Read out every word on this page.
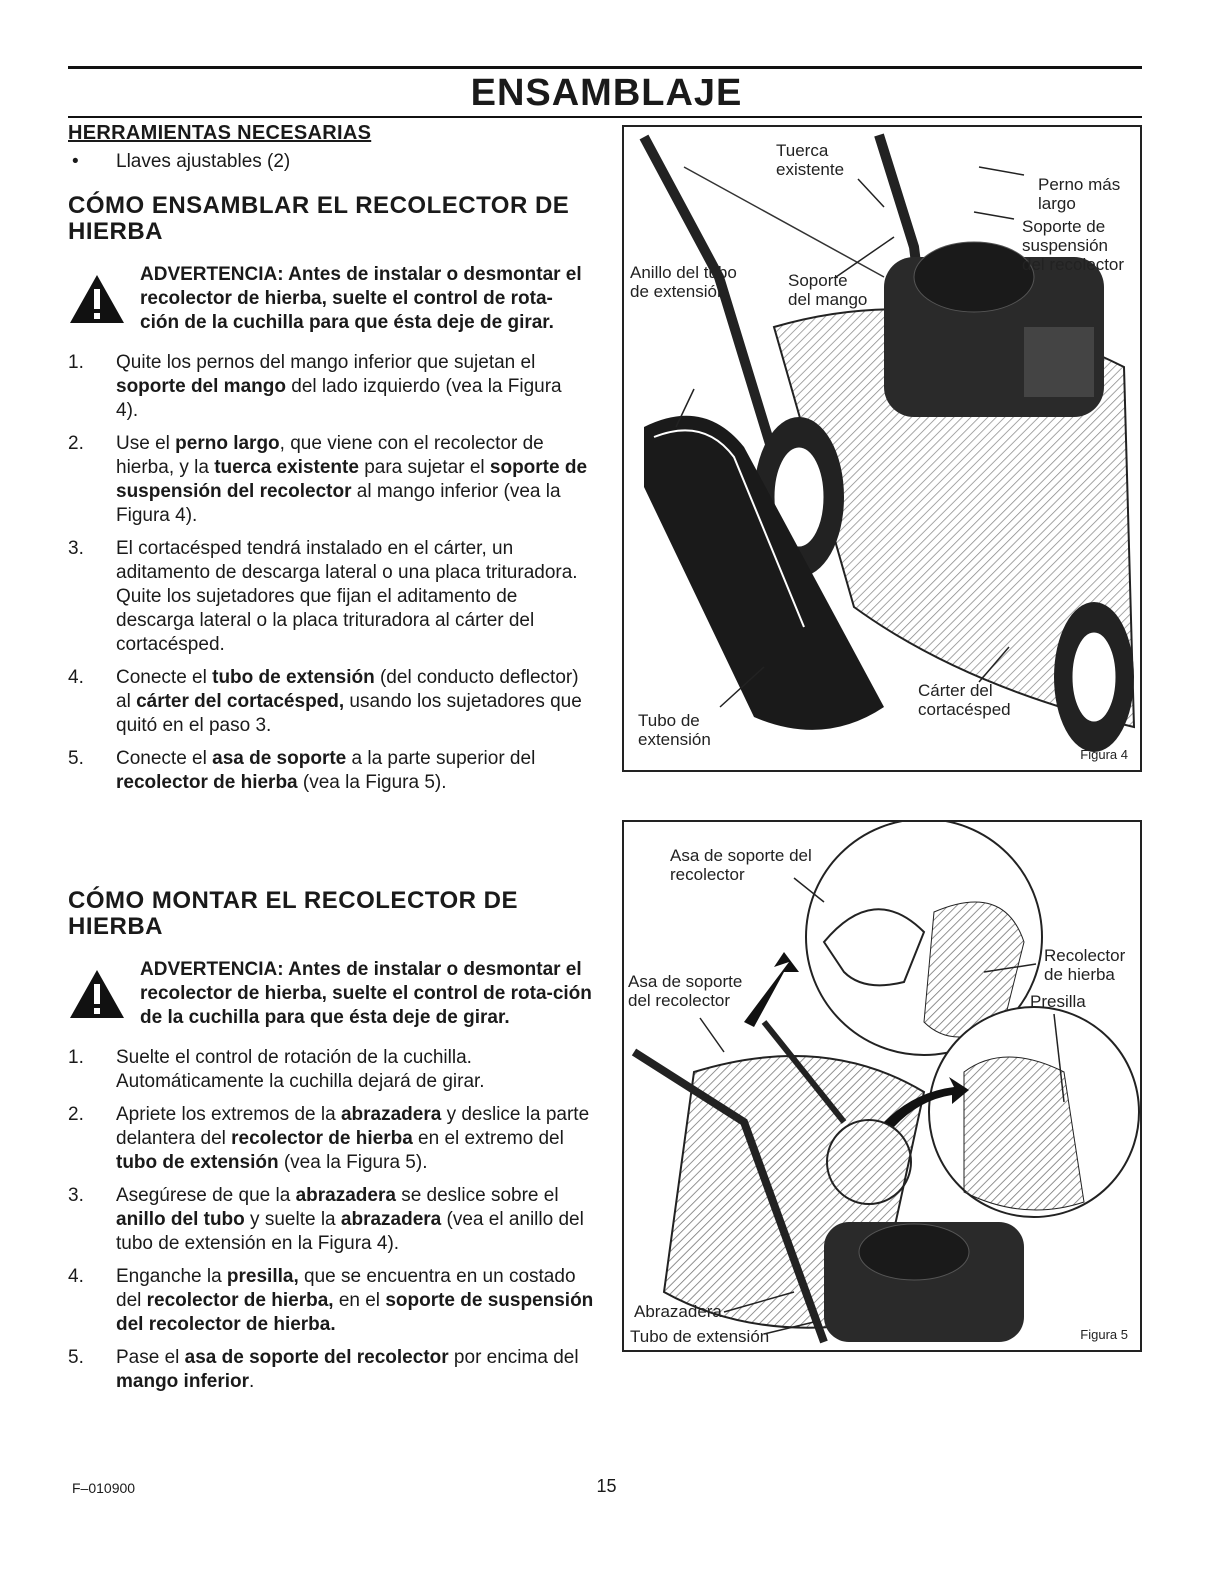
ENSAMBLAJE
HERRAMIENTAS NECESARIAS
•	Llaves ajustables (2)
CÓMO ENSAMBLAR EL RECOLECTOR DE
HIERBA
ADVERTENCIA: Antes de instalar o desmontar el recolector de hierba, suelte el control de rota-ción de la cuchilla para que ésta deje de girar.
1.	Quite los pernos del mango inferior que sujetan el soporte del mango del lado izquierdo (vea la Figura 4).
2.	Use el perno largo, que viene con el recolector de hierba, y la tuerca existente para sujetar el soporte de suspensión del recolector al mango inferior (vea la Figura 4).
3.	El cortacésped tendrá instalado en el cárter, un aditamento de descarga lateral o una placa trituradora. Quite los sujetadores que fijan el aditamento de descarga lateral o la placa trituradora al cárter del cortacésped.
4.	Conecte el tubo de extensión (del conducto deflector) al cárter del cortacésped, usando los sujetadores que quitó en el paso 3.
5.	Conecte el asa de soporte a la parte superior del recolector de hierba (vea la Figura 5).
CÓMO MONTAR EL RECOLECTOR DE HIERBA
ADVERTENCIA: Antes de instalar o desmontar el recolector de hierba, suelte el control de rota-ción de la cuchilla para que ésta deje de girar.
1.	Suelte el control de rotación de la cuchilla. Automáticamente la cuchilla dejará de girar.
2.	Apriete los extremos de la abrazadera y deslice la parte delantera del recolector de hierba en el extremo del tubo de extensión (vea la Figura 5).
3.	Asegúrese de que la abrazadera se deslice sobre el anillo del tubo y suelte la abrazadera (vea el anillo del tubo de extensión en la Figura 4).
4.	Enganche la presilla, que se encuentra en un costado del recolector de hierba, en el soporte de suspensión del recolector de hierba.
5.	Pase el asa de soporte del recolector por encima del mango inferior.
Tuerca
existente
Perno más
largo
Soporte de
suspensión
del recolector
Soporte
del mango
Anillo del tubo
de extensión
Cárter del
cortacésped
Tubo de
extensión
Figura 4
Asa de soporte del
recolector
Asa de soporte
del recolector
Recolector
de hierba
Presilla
Abrazadera
Tubo de extensión	Figura 5
F–010900	15
